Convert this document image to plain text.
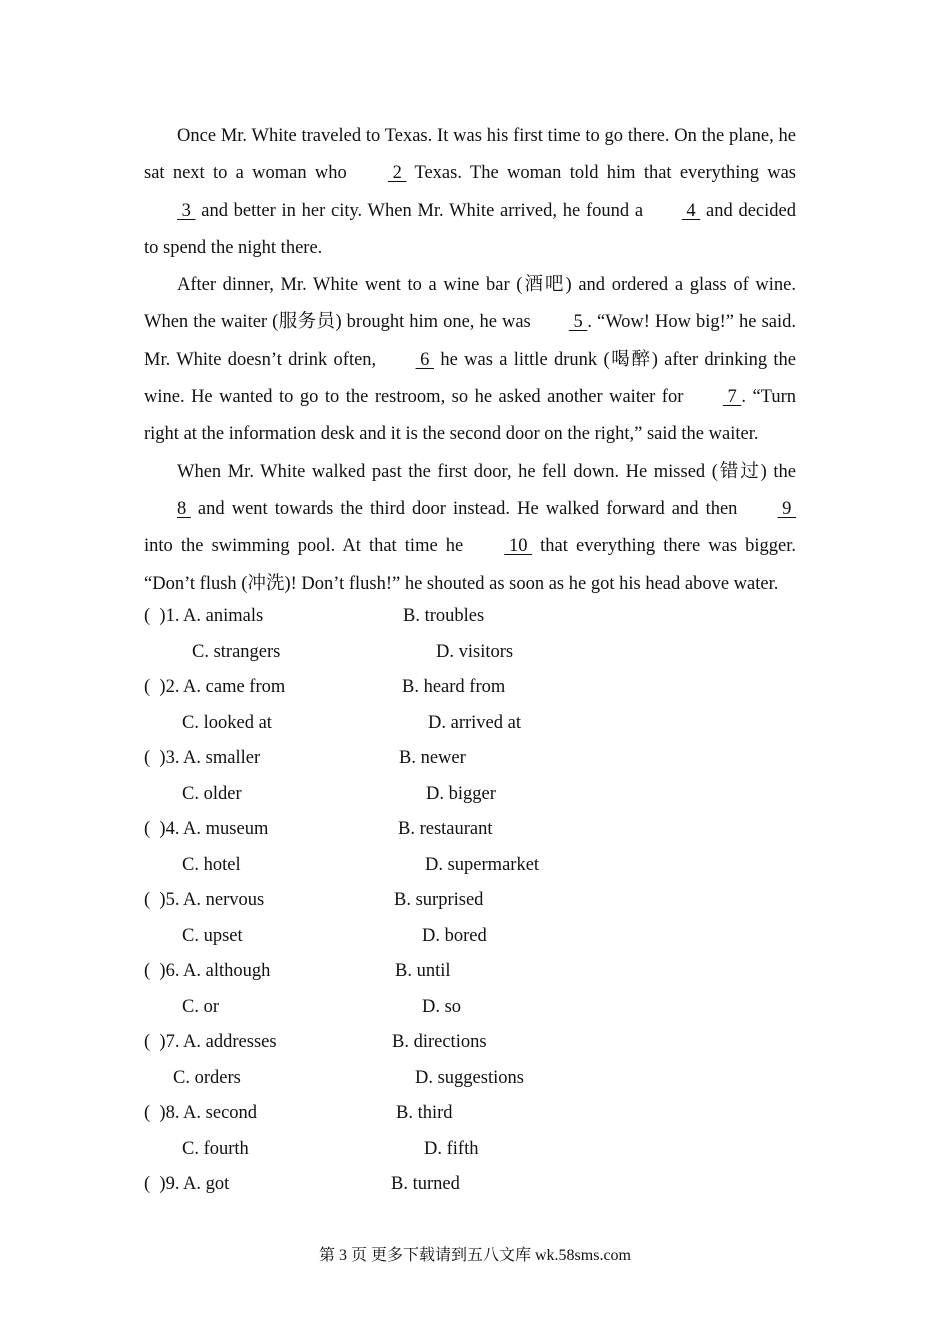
Once Mr. White traveled to Texas. It was his first time to go there. On the plane, he sat next to a woman who  2  Texas. The woman told him that everything was  3  and better in her city. When Mr. White arrived, he found a  4  and decided to spend the night there.

After dinner, Mr. White went to a wine bar (酒吧) and ordered a glass of wine. When the waiter (服务员) brought him one, he was  5 . “Wow! How big!” he said. Mr. White doesn’t drink often,  6  he was a little drunk (喝醉) after drinking the wine. He wanted to go to the restroom, so he asked another waiter for  7 . “Turn right at the information desk and it is the second door on the right,” said the waiter.

When Mr. White walked past the first door, he fell down. He missed (错过) the 8  and went towards the third door instead. He walked forward and then  9  into the swimming pool. At that time he  10  that everything there was bigger. “Don’t flush (冲洗)! Don’t flush!” he shouted as soon as he got his head above water.

(  )1. A. animals	B. troubles
C. strangers	D. visitors
(  )2. A. came from	B. heard from
C. looked at	D. arrived at
(  )3. A. smaller	B. newer
C. older	D. bigger
(  )4. A. museum	B. restaurant
C. hotel	D. supermarket
(  )5. A. nervous	B. surprised
C. upset	D. bored
(  )6. A. although	B. until
C. or	D. so
(  )7. A. addresses	B. directions
C. orders	D. suggestions
(  )8. A. second	B. third
C. fourth	D. fifth
(  )9. A. got	B. turned
第 3 页 更多下载请到五八文库 wk.58sms.com
